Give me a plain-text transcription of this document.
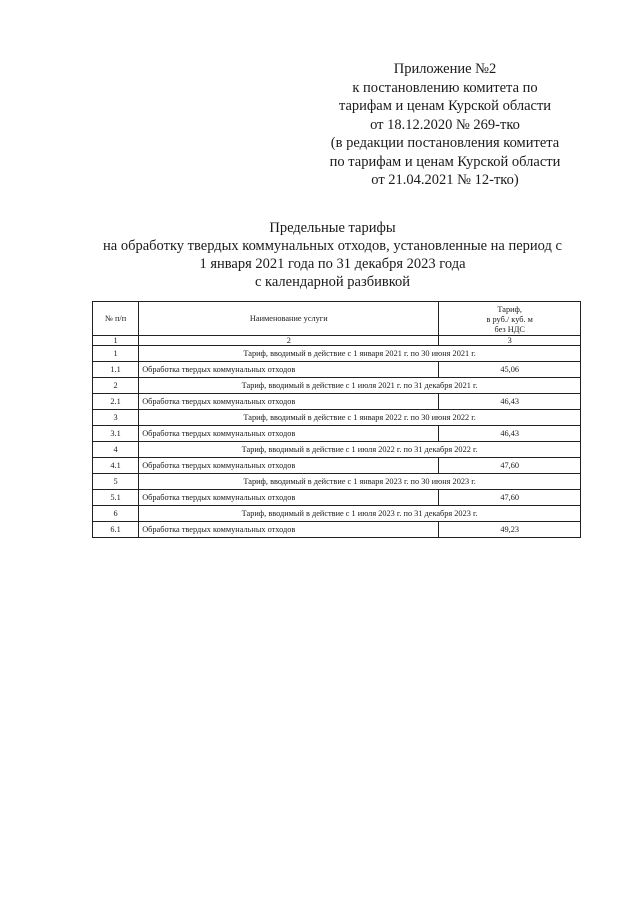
Приложение №2
к постановлению комитета по
тарифам и ценам Курской области
от 18.12.2020 № 269-тко
(в редакции постановления комитета
по тарифам и ценам Курской области
от 21.04.2021 № 12-тко)
Предельные тарифы
на обработку твердых коммунальных отходов, установленные на период с
1 января 2021 года по 31 декабря 2023 года
с календарной разбивкой
№ п/п	Наименование услуги	Тариф,
в руб./ куб. м
без НДС

1	2	3
1	Тариф, вводимый в действие с 1 января 2021 г. по 30 июня 2021 г.	
1.1	Обработка твердых коммунальных отходов	45,06
2	Тариф, вводимый в действие с 1 июля 2021 г. по 31 декабря 2021 г.	
2.1	Обработка твердых коммунальных отходов	46,43
3	Тариф, вводимый в действие с 1 января 2022 г. по 30 июня 2022 г.	
3.1	Обработка твердых коммунальных отходов	46,43
4	Тариф, вводимый в действие с 1 июля 2022 г. по 31 декабря 2022 г.	
4.1	Обработка твердых коммунальных отходов	47,60
5	Тариф, вводимый в действие с 1 января 2023 г. по 30 июня 2023 г.	
5.1	Обработка твердых коммунальных отходов	47,60
6	Тариф, вводимый в действие с 1 июля 2023 г. по 31 декабря 2023 г.	
6.1	Обработка твердых коммунальных отходов	49,23
